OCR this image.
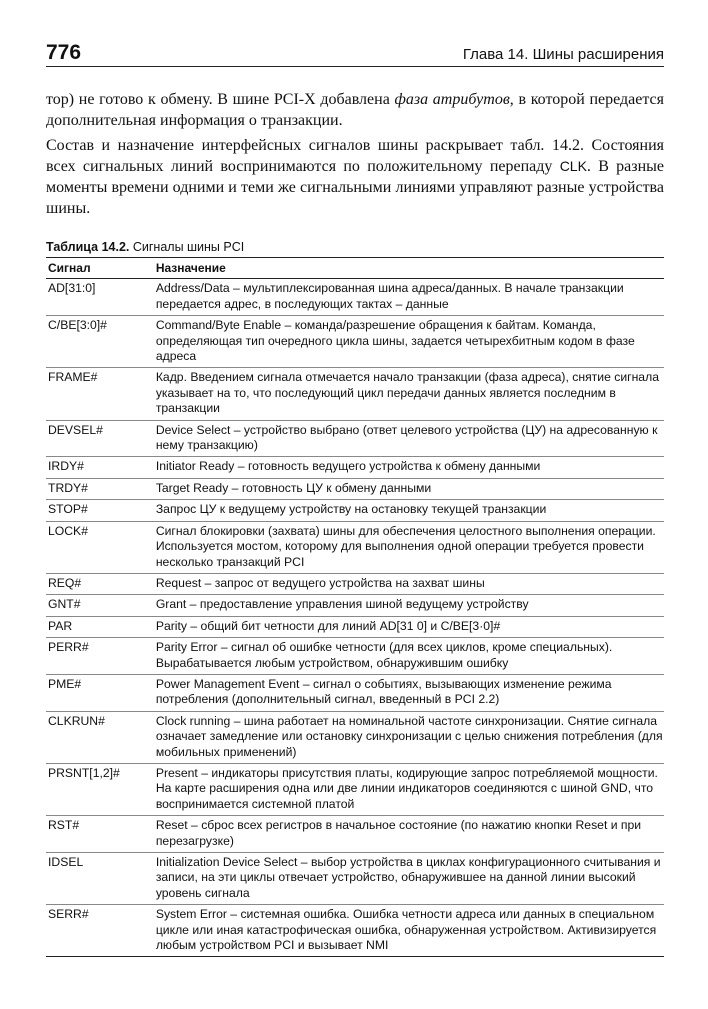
776	Глава 14. Шины расширения

тор) не готово к обмену. В шине PCI-X добавлена фаза атрибутов, в которой передается дополнительная информация о транзакции.

Состав и назначение интерфейсных сигналов шины раскрывает табл. 14.2. Состояния всех сигнальных линий воспринимаются по положительному перепаду CLK. В разные моменты времени одними и теми же сигнальными линиями управляют разные устройства шины.

Таблица 14.2. Сигналы шины PCI
Сигнал	Назначение
AD[31:0]	Address/Data – мультиплексированная шина адреса/данных. В начале транзакции передается адрес, в последующих тактах – данные
C/BE[3:0]#	Command/Byte Enable – команда/разрешение обращения к байтам. Команда, определяющая тип очередного цикла шины, задается четырехбитным кодом в фазе адреса
FRAME#	Кадр. Введением сигнала отмечается начало транзакции (фаза адреса), снятие сигнала указывает на то, что последующий цикл передачи данных является последним в транзакции
DEVSEL#	Device Select – устройство выбрано (ответ целевого устройства (ЦУ) на адресованную к нему транзакцию)
IRDY#	Initiator Ready – готовность ведущего устройства к обмену данными
TRDY#	Target Ready – готовность ЦУ к обмену данными
STOP#	Запрос ЦУ к ведущему устройству на остановку текущей транзакции
LOCK#	Сигнал блокировки (захвата) шины для обеспечения целостного выполнения операции. Используется мостом, которому для выполнения одной операции требуется провести несколько транзакций PCI
REQ#	Request – запрос от ведущего устройства на захват шины
GNT#	Grant – предоставление управления шиной ведущему устройству
PAR	Parity – общий бит четности для линий AD[31 0] и C/BE[3·0]#
PERR#	Parity Error – сигнал об ошибке четности (для всех циклов, кроме специальных). Вырабатывается любым устройством, обнаружившим ошибку
PME#	Power Management Event – сигнал о событиях, вызывающих изменение режима потребления (дополнительный сигнал, введенный в PCI 2.2)
CLKRUN#	Clock running – шина работает на номинальной частоте синхронизации. Снятие сигнала означает замедление или остановку синхронизации с целью снижения потребления (для мобильных применений)
PRSNT[1,2]#	Present – индикаторы присутствия платы, кодирующие запрос потребляемой мощности. На карте расширения одна или две линии индикаторов соединяются с шиной GND, что воспринимается системной платой
RST#	Reset – сброс всех регистров в начальное состояние (по нажатию кнопки Reset и при перезагрузке)
IDSEL	Initialization Device Select – выбор устройства в циклах конфигурационного считывания и записи, на эти циклы отвечает устройство, обнаружившее на данной линии высокий уровень сигнала
SERR#	System Error – системная ошибка. Ошибка четности адреса или данных в специальном цикле или иная катастрофическая ошибка, обнаруженная устройством. Активизируется любым устройством PCI и вызывает NMI
